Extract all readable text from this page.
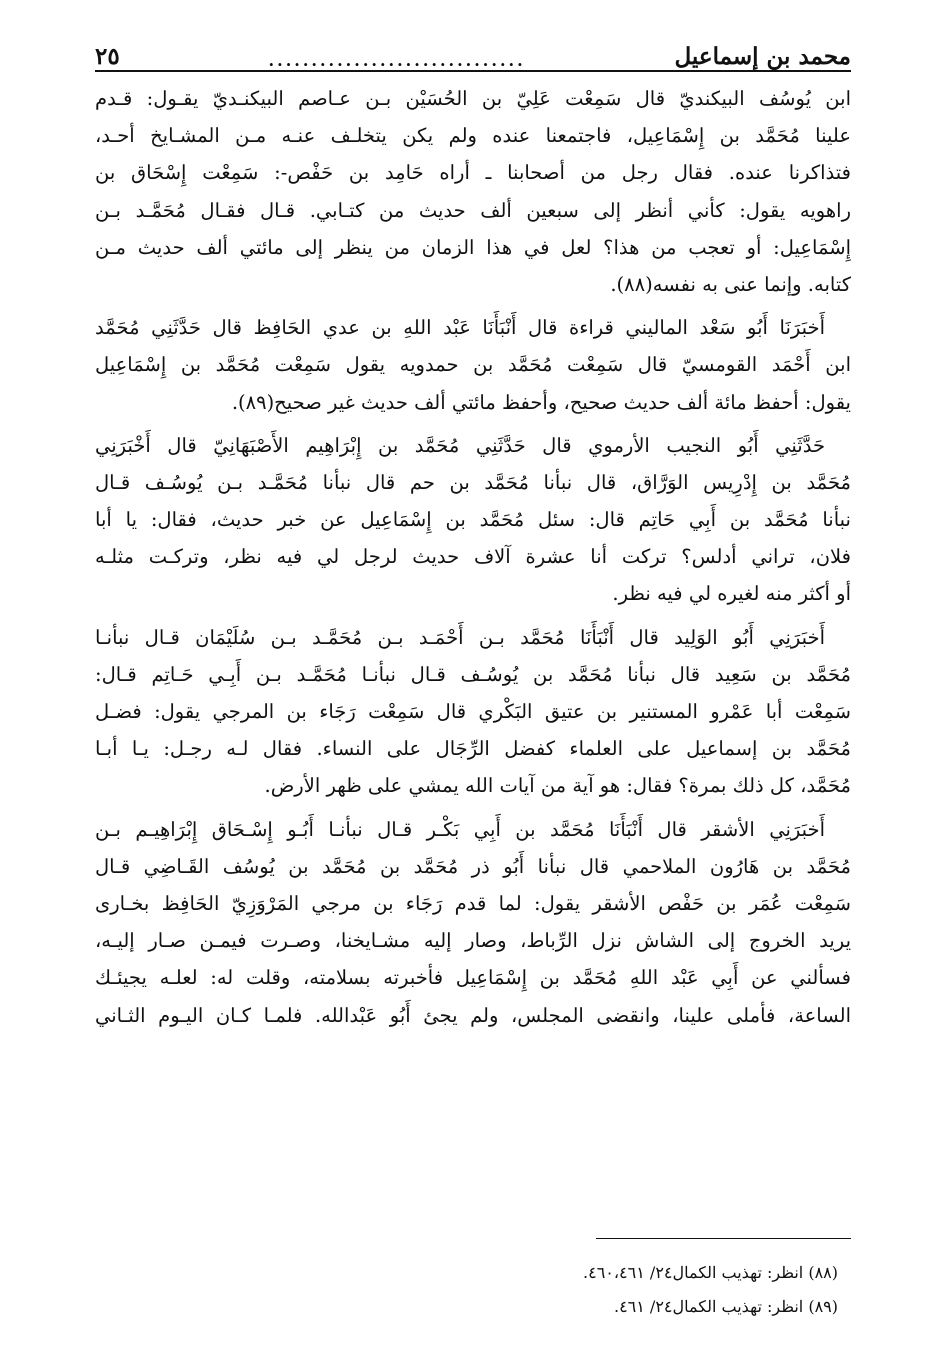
محمد بن إسماعيل
..............................
٢٥
ابن يُوسُف البيكنديّ قال سَمِعْت عَلِيّ بن الحُسَيْن بـن عـاصم البيكنـديّ يقـول: قـدم
علينا مُحَمَّد بن إِسْمَاعِيل، فاجتمعنا عنده ولم يكن يتخلـف عنـه مـن المشـايخ أحـد،
فتذاكرنا عنده. فقال رجل من أصحابنا ـ أراه حَامِد بن حَفْص-: سَمِعْت إِسْحَاق بن
راهويه يقول: كأني أنظر إلى سبعين ألف حديث من كتـابي. قـال فقـال مُحَمَّـد بـن
إِسْمَاعِيل: أو تعجب من هذا؟ لعل في هذا الزمان من ينظر إلى مائتي ألف حديث مـن
كتابه. وإنما عنى به نفسه(٨٨).
أَخبَرَنَا أَبُو سَعْد الماليني قراءة قال أَنْبَأَنَا عَبْد اللهِ بن عدي الحَافِظ قال حَدَّثَنِي مُحَمَّد
ابن أَحْمَد القومسيّ قال سَمِعْت مُحَمَّد بن حمدويه يقول سَمِعْت مُحَمَّد بن إِسْمَاعِيل
يقول: أحفظ مائة ألف حديث صحيح، وأحفظ مائتي ألف حديث غير صحيح(٨٩).
حَدَّثَنِي أَبُو النجيب الأرموي قال حَدَّثَنِي مُحَمَّد بن إِبْرَاهِيم الأَصْبَهَانِيّ قال أَخْبَرَنِي
مُحَمَّد بن إِدْرِيس الوَرَّاق، قال نبأنا مُحَمَّد بن حم قال نبأنا مُحَمَّـد بـن يُوسُـف قـال
نبأنا مُحَمَّد بن أَبِي حَاتِم قال: سئل مُحَمَّد بن إِسْمَاعِيل عن خبر حديث، فقال: يا أبا
فلان، تراني أدلس؟ تركت أنا عشرة آلاف حديث لرجل لي فيه نظر، وتركـت مثلـه
أو أكثر منه لغيره لي فيه نظر.
أَخبَرَنِي أَبُو الوَلِيد قال أَنْبَأَنَا مُحَمَّد بـن أَحْمَـد بـن مُحَمَّـد بـن سُلَيْمَان قـال نبأنـا
مُحَمَّد بن سَعِيد قال نبأنا مُحَمَّد بن يُوسُـف قـال نبأنـا مُحَمَّـد بـن أَبِـي حَـاتِم قـال:
سَمِعْت أبا عَمْرو المستنير بن عتيق البَكْري قال سَمِعْت رَجَاء بن المرجي يقول: فضـل
مُحَمَّد بن إسماعيل على العلماء كفضل الرِّجَال على النساء. فقال لـه رجـل: يـا أبـا
مُحَمَّد، كل ذلك بمرة؟ فقال: هو آية من آيات الله يمشي على ظهر الأرض.
أَخبَرَنِي الأشقر قال أَنْبَأَنَا مُحَمَّد بن أَبِي بَكْـر قـال نبأنـا أَبُـو إِسْـحَاق إِبْرَاهِيـم بـن
مُحَمَّد بن هَارُون الملاحمي قال نبأنا أَبُو ذر مُحَمَّد بن مُحَمَّد بن يُوسُف القَـاضِي قـال
سَمِعْت عُمَر بن حَفْص الأشقر يقول: لما قدم رَجَاء بن مرجي المَرْوَزِيّ الحَافِظ بخـارى
يريد الخروج إلى الشاش نزل الرِّباط، وصار إليه مشـايخنا، وصـرت فيمـن صـار إليـه،
فسألني عن أَبِي عَبْد اللهِ مُحَمَّد بن إِسْمَاعِيل فأخبرته بسلامته، وقلت له: لعلـه يجيئـك
الساعة، فأملى علينا، وانقضى المجلس، ولم يجئ أَبُو عَبْدالله. فلمـا كـان اليـوم الثـاني
(٨٨) انظر: تهذيب الكمال٢٤/ ٤٦٠،٤٦١.
(٨٩) انظر: تهذيب الكمال٢٤/ ٤٦١.
